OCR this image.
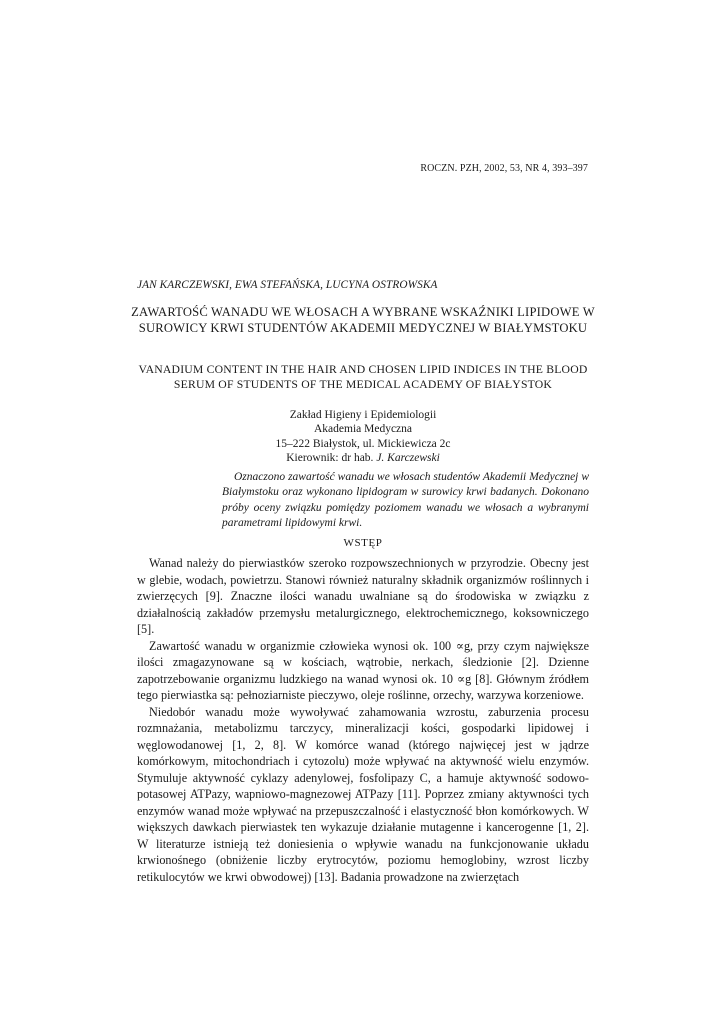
ROCZN. PZH, 2002, 53, NR 4, 393–397
JAN KARCZEWSKI, EWA STEFAŃSKA, LUCYNA OSTROWSKA
ZAWARTOŚĆ WANADU WE WŁOSACH A WYBRANE WSKAŹNIKI LIPIDOWE W SUROWICY KRWI STUDENTÓW AKADEMII MEDYCZNEJ W BIAŁYMSTOKU
VANADIUM CONTENT IN THE HAIR AND CHOSEN LIPID INDICES IN THE BLOOD SERUM OF STUDENTS OF THE MEDICAL ACADEMY OF BIAŁYSTOK
Zakład Higieny i Epidemiologii
Akademia Medyczna
15–222 Białystok, ul. Mickiewicza 2c
Kierownik: dr hab. J. Karczewski

Oznaczono zawartość wanadu we włosach studentów Akademii Medycznej w Białymstoku oraz wykonano lipidogram w surowicy krwi badanych. Dokonano próby oceny związku pomiędzy poziomem wanadu we włosach a wybranymi parametrami lipidowymi krwi.

WSTĘP

Wanad należy do pierwiastków szeroko rozpowszechnionych w przyrodzie. Obecny jest w glebie, wodach, powietrzu. Stanowi również naturalny składnik organizmów roślinnych i zwierzęcych [9]. Znaczne ilości wanadu uwalniane są do środowiska w związku z działalnością zakładów przemysłu metalurgicznego, elektrochemicznego, koksowniczego [5].

Zawartość wanadu w organizmie człowieka wynosi ok. 100 ∝g, przy czym największe ilości zmagazynowane są w kościach, wątrobie, nerkach, śledzionie [2]. Dzienne zapotrzebowanie organizmu ludzkiego na wanad wynosi ok. 10 ∝g [8]. Głównym źródłem tego pierwiastka są: pełnoziarniste pieczywo, oleje roślinne, orzechy, warzywa korzeniowe.

Niedobór wanadu może wywoływać zahamowania wzrostu, zaburzenia procesu rozmnażania, metabolizmu tarczycy, mineralizacji kości, gospodarki lipidowej i węglowodanowej [1, 2, 8]. W komórce wanad (którego najwięcej jest w jądrze komórkowym, mitochondriach i cytozolu) może wpływać na aktywność wielu enzymów. Stymuluje aktywność cyklazy adenylowej, fosfolipazy C, a hamuje aktywność sodowo-potasowej ATPazy, wapniowo-magnezowej ATPazy [11]. Poprzez zmiany aktywności tych enzymów wanad może wpływać na przepuszczalność i elastyczność błon komórkowych. W większych dawkach pierwiastek ten wykazuje działanie mutagenne i kancerogenne [1, 2]. W literaturze istnieją też doniesienia o wpływie wanadu na funkcjonowanie układu krwionośnego (obniżenie liczby erytrocytów, poziomu hemoglobiny, wzrost liczby retikulocytów we krwi obwodowej) [13]. Badania prowadzone na zwierzętach
